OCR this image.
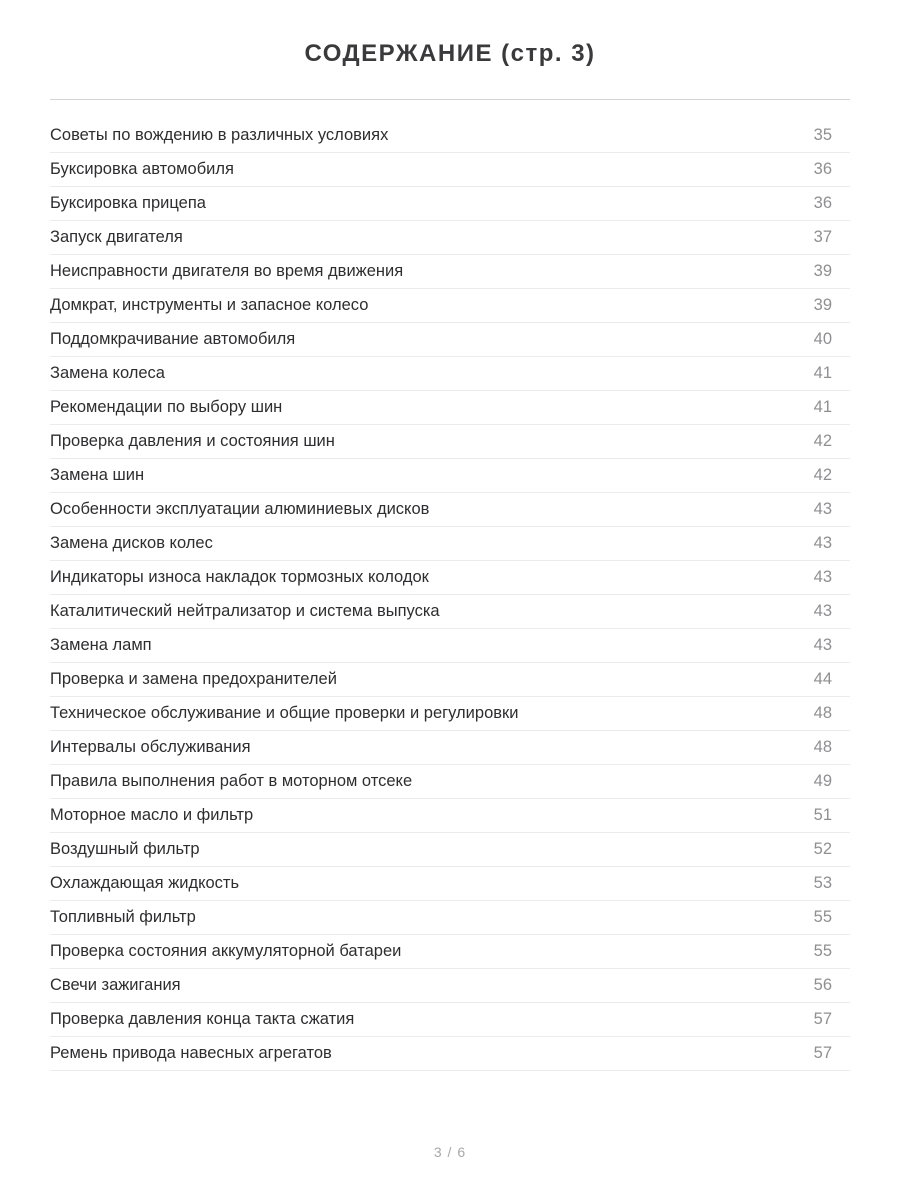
СОДЕРЖАНИЕ (стр. 3)
Советы по вождению в различных условиях	35
Буксировка автомобиля	36
Буксировка прицепа	36
Запуск двигателя	37
Неисправности двигателя во время движения	39
Домкрат, инструменты и запасное колесо	39
Поддомкрачивание автомобиля	40
Замена колеса	41
Рекомендации по выбору шин	41
Проверка давления и состояния шин	42
Замена шин	42
Особенности эксплуатации алюминиевых дисков	43
Замена дисков колес	43
Индикаторы износа накладок тормозных колодок	43
Каталитический нейтрализатор и система выпуска	43
Замена ламп	43
Проверка и замена предохранителей	44
Техническое обслуживание и общие проверки и регулировки	48
Интервалы обслуживания	48
Правила выполнения работ в моторном отсеке	49
Моторное масло и фильтр	51
Воздушный фильтр	52
Охлаждающая жидкость	53
Топливный фильтр	55
Проверка состояния аккумуляторной батареи	55
Свечи зажигания	56
Проверка давления конца такта сжатия	57
Ремень привода навесных агрегатов	57
3 / 6
